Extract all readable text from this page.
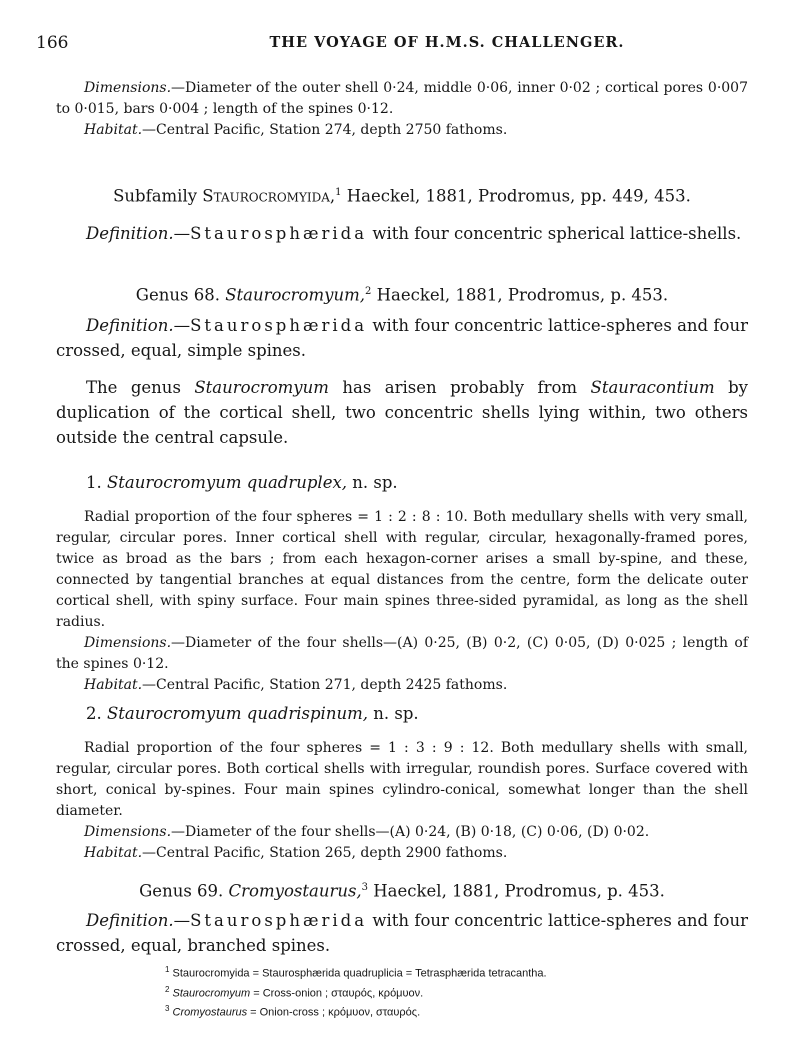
166	THE VOYAGE OF H.M.S. CHALLENGER.

Dimensions.—Diameter of the outer shell 0·24, middle 0·06, inner 0·02 ; cortical pores 0·007 to 0·015, bars 0·004 ; length of the spines 0·12.

Habitat.—Central Pacific, Station 274, depth 2750 fathoms.

Subfamily Staurocromyida,$^1$ Haeckel, 1881, Prodromus, pp. 449, 453.

Definition.—Staurosphærida with four concentric spherical lattice-shells.

Genus 68. Staurocromyum,$^2$ Haeckel, 1881, Prodromus, p. 453.

Definition.—Staurosphærida with four concentric lattice-spheres and four crossed, equal, simple spines.

The genus Staurocromyum has arisen probably from Stauracontium by duplication of the cortical shell, two concentric shells lying within, two others outside the central capsule.

1. Staurocromyum quadruplex, n. sp.

Radial proportion of the four spheres = 1 : 2 : 8 : 10. Both medullary shells with very small, regular, circular pores. Inner cortical shell with regular, circular, hexagonally-framed pores, twice as broad as the bars ; from each hexagon-corner arises a small by-spine, and these, connected by tangential branches at equal distances from the centre, form the delicate outer cortical shell, with spiny surface. Four main spines three-sided pyramidal, as long as the shell radius.

Dimensions.—Diameter of the four shells—(A) 0·25, (B) 0·2, (C) 0·05, (D) 0·025 ; length of the spines 0·12.

Habitat.—Central Pacific, Station 271, depth 2425 fathoms.

2. Staurocromyum quadrispinum, n. sp.

Radial proportion of the four spheres = 1 : 3 : 9 : 12. Both medullary shells with small, regular, circular pores. Both cortical shells with irregular, roundish pores. Surface covered with short, conical by-spines. Four main spines cylindro-conical, somewhat longer than the shell diameter.

Dimensions.—Diameter of the four shells—(A) 0·24, (B) 0·18, (C) 0·06, (D) 0·02.

Habitat.—Central Pacific, Station 265, depth 2900 fathoms.

Genus 69. Cromyostaurus,$^3$ Haeckel, 1881, Prodromus, p. 453.

Definition.—Staurosphærida with four concentric lattice-spheres and four crossed, equal, branched spines.

$^1$ Staurocromyida = Staurosphærida quadruplicia = Tetrasphærida tetracantha.
$^2$ Staurocromyum = Cross-onion ; σταυρός, κρόμυον.
$^3$ Cromyostaurus = Onion-cross ; κρόμυον, σταυρός.
